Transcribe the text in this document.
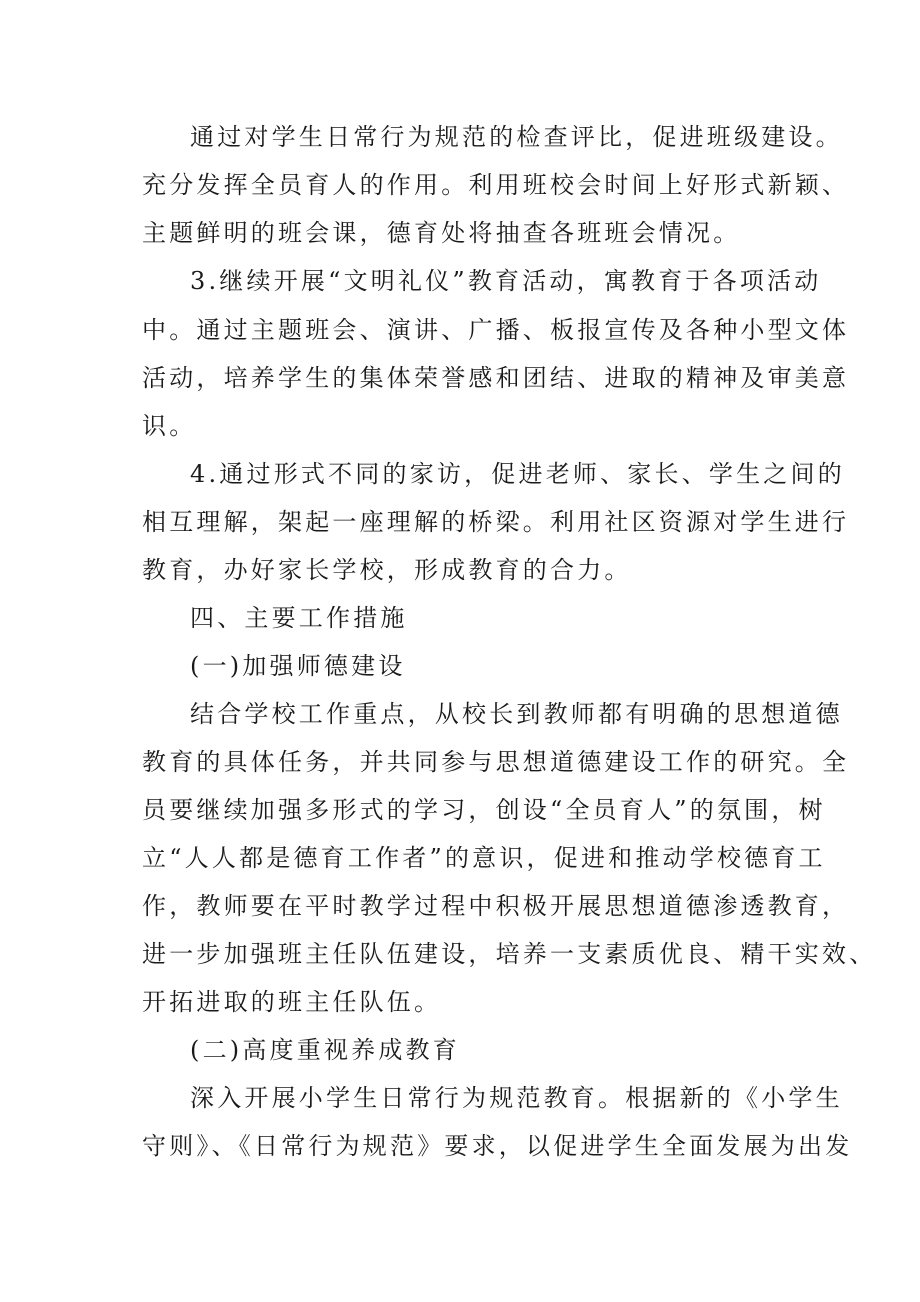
通过对学生日常行为规范的检查评比，促进班级建设。
充分发挥全员育人的作用。利用班校会时间上好形式新颖、
主题鲜明的班会课，德育处将抽查各班班会情况。
3.继续开展“文明礼仪”教育活动，寓教育于各项活动
中。通过主题班会、演讲、广播、板报宣传及各种小型文体
活动，培养学生的集体荣誉感和团结、进取的精神及审美意
识。
4.通过形式不同的家访，促进老师、家长、学生之间的
相互理解，架起一座理解的桥梁。利用社区资源对学生进行
教育，办好家长学校，形成教育的合力。
四、主要工作措施
(一)加强师德建设
结合学校工作重点，从校长到教师都有明确的思想道德
教育的具体任务，并共同参与思想道德建设工作的研究。全
员要继续加强多形式的学习，创设“全员育人”的氛围，树
立“人人都是德育工作者”的意识，促进和推动学校德育工
作，教师要在平时教学过程中积极开展思想道德渗透教育，
进一步加强班主任队伍建设，培养一支素质优良、精干实效、
开拓进取的班主任队伍。
(二)高度重视养成教育
深入开展小学生日常行为规范教育。根据新的《小学生
守则》、《日常行为规范》要求，以促进学生全面发展为出发
